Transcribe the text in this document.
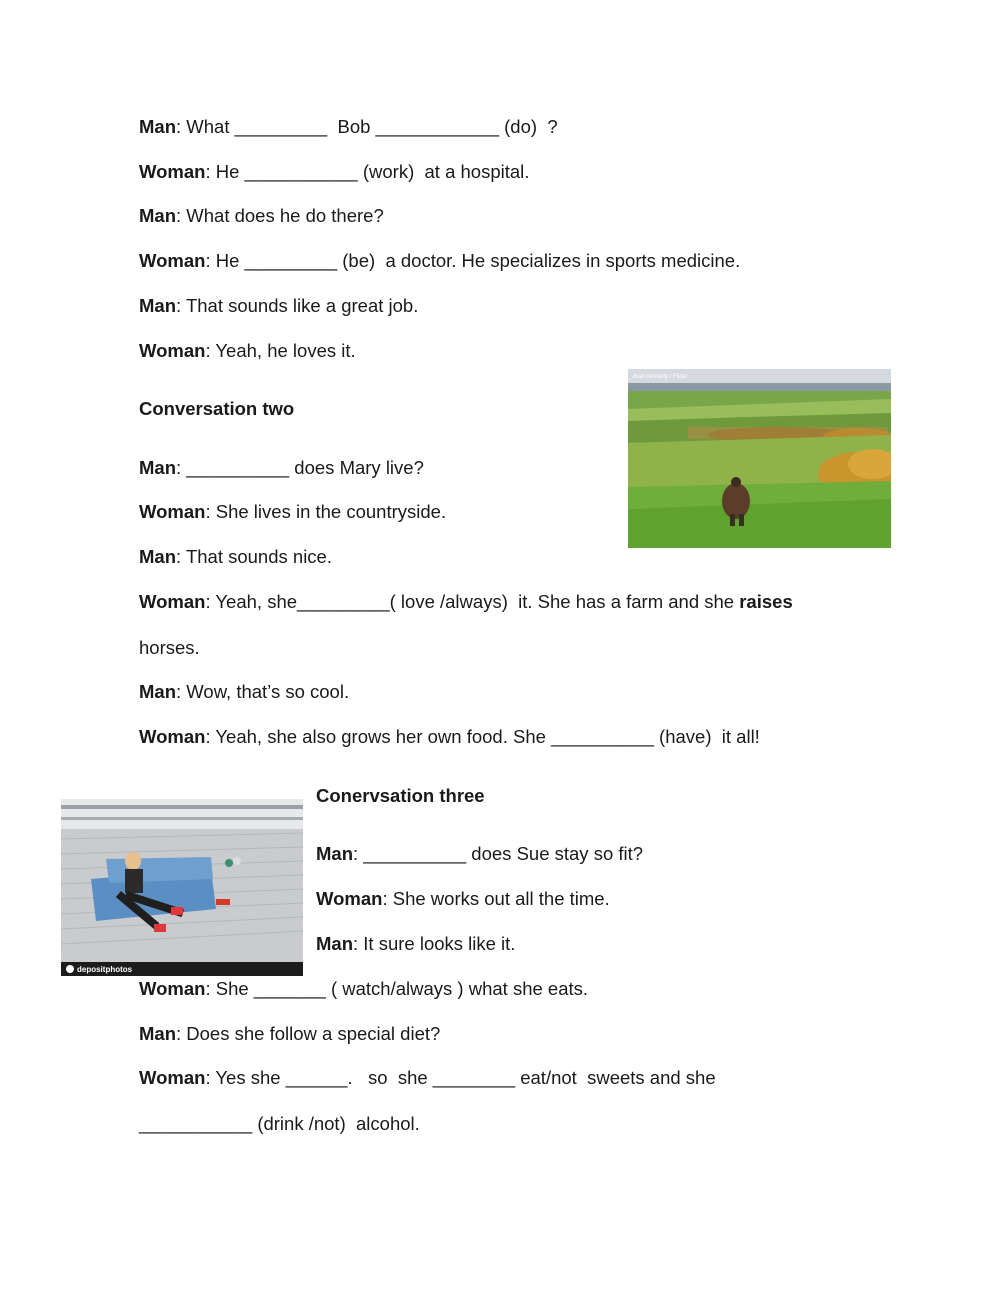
Man: What _________  Bob ____________ (do)  ?
Woman: He ___________ (work)  at a hospital.
Man: What does he do there?
Woman: He _________ (be)  a doctor. He specializes in sports medicine.
Man: That sounds like a great job.
Woman: Yeah, he loves it.
Conversation two
Man: __________ does Mary live?
Woman: She lives in the countryside.
Man: That sounds nice.
Woman: Yeah, she_________( love /always)  it. She has a farm and she raises
horses.
Man: Wow, that’s so cool.
Woman: Yeah, she also grows her own food. She __________ (have)  it all!
Jean dematty / Flickr
Conervsation three
Man: __________ does Sue stay so fit?
Woman: She works out all the time.
Man: It sure looks like it.
Woman: She _______ ( watch/always ) what she eats.
Man: Does she follow a special diet?
Woman: Yes she ______.   so  she ________ eat/not  sweets and she
___________ (drink /not)  alcohol.
depositphotos
